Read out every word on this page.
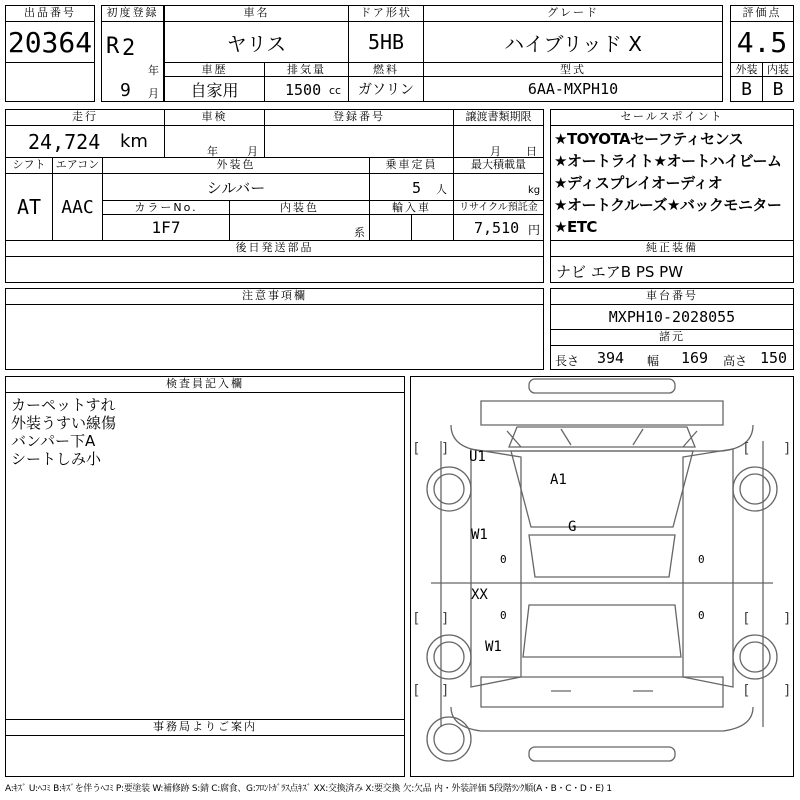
出品番号
20364
初度登録
R 2
年
9 月
車名
ヤリス
ドア形状
5HB
グレード
ハイブリッド X
評価点
4.5
外装 内装
B	B
車歴
自家用
排気量
1500 cc
燃料
ガソリン
型式
6AA-MXPH10
走行
24,724 km
車検
年	月
登録番号	譲渡書類期限
月 日
シフト
AT
エアコン
AAC
外装色
シルバー
乗車定員
5 人
最大積載量
kg
カラーNo.
1F7
内装色
系
輸入車	リサイクル預託金
7,510 円
後日発送部品
セールスポイント
★TOYOTAセーフティセンス
★オートライト★オートハイビーム
★ディスプレイオーディオ
★オートクルーズ★バックモニター
★ETC
純正装備
ナビ エアB PS PW
注意事項欄	車台番号
MXPH10-2028055
諸元
長さ 394 幅 169 高さ 150
検査員記入欄
カーペットすれ
外装うすい線傷
バンパー下A
シートしみ小
事務局よりご案内
[ ]	[ ]
[ ]	[ ]
[ ]	[ ]
U1
A1
G
W1
0	0
XX
0	0
W1
A:ｷｽﾞ U:ﾍｺﾐ B:ｷｽﾞを伴うﾍｺﾐ P:要塗装 W:補修跡 S:錆 C:腐食、G:ﾌﾛﾝﾄｶﾞﾗｽ点ｷｽﾞ XX:交換済み X:要交換 欠:欠品 内・外装評価 5段階ﾗﾝｸ順(A・B・C・D・E) 1
